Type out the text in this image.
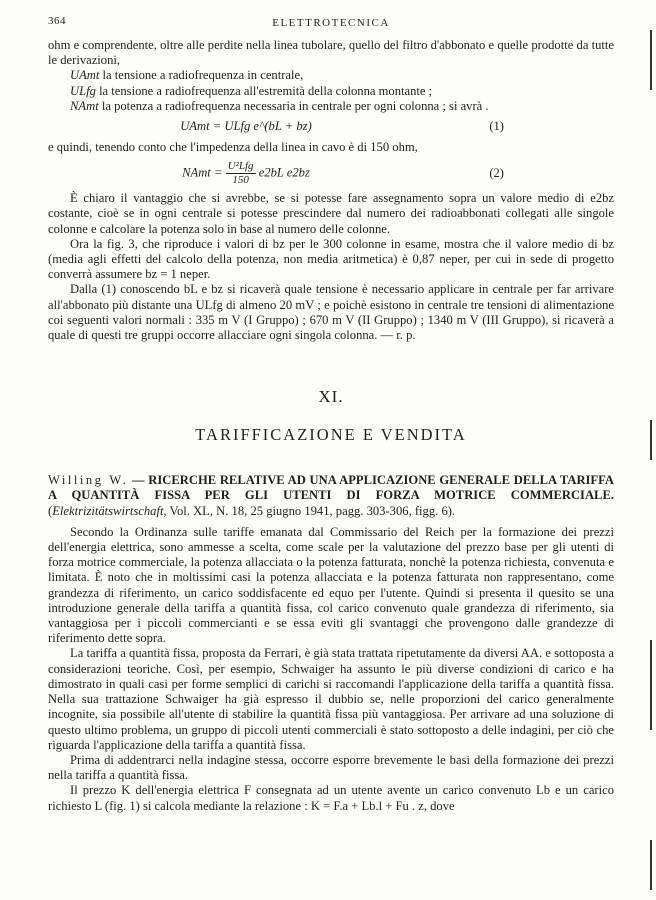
364	ELETTROTECNICA

ohm e comprendente, oltre alle perdite nella linea tubolare, quello del filtro d'abbonato e quelle prodotte da tutte le derivazioni,

UAmt la tensione a radiofrequenza in centrale,

ULfg la tensione a radiofrequenza all'estremità della colonna montante ;

NAmt la potenza a radiofrequenza necessaria in centrale per ogni colonna ; si avrà .

UAmt = ULfg e^(bL + bz)	(1)

e quindi, tenendo conto che l'impedenza della linea in cavo è di 150 ohm,

NAmt = $\frac{\text{U²Lfg}}{150} e2bL$ e2bz	(2)

È chiaro il vantaggio che si avrebbe, se si potesse fare assegnamento sopra un valore medio di e2bz costante, cioè se in ogni centrale si potesse prescindere dal numero dei radioabbonati collegati alle singole colonne e calcolare la potenza solo in base al numero delle colonne.

Ora la fig. 3, che riproduce i valori di bz per le 300 colonne in esame, mostra che il valore medio di bz (media agli effetti del calcolo della potenza, non media aritmetica) è 0,87 neper, per cui in sede di progetto converrà assumere bz = 1 neper.

Dalla (1) conoscendo bL e bz si ricaverà quale tensione è necessario applicare in centrale per far arrivare all'abbonato più distante una ULfg di almeno 20 mV ; e poichè esistono in centrale tre tensioni di alimentazione coi seguenti valori normali : 335 m V (I Gruppo) ; 670 m V (II Gruppo) ; 1340 m V (III Gruppo), si ricaverà a quale di questi tre gruppi occorre allacciare ogni singola colonna. — r. p.

XI.
TARIFFICAZIONE E VENDITA

Willing W. — RICERCHE RELATIVE AD UNA APPLICAZIONE GENERALE DELLA TARIFFA A QUANTITÀ FISSA PER GLI UTENTI DI FORZA MOTRICE COMMERCIALE. (Elektrizitätswirtschaft, Vol. XL, N. 18, 25 giugno 1941, pagg. 303-306, figg. 6).

Secondo la Ordinanza sulle tariffe emanata dal Commissario del Reich per la formazione dei prezzi dell'energia elettrica, sono ammesse a scelta, come scale per la valutazione del prezzo base per gli utenti di forza motrice commerciale, la potenza allacciata o la potenza fatturata, nonchè la potenza richiesta, convenuta e limitata. È noto che in moltissimi casi la potenza allacciata e la potenza fatturata non rappresentano, come grandezza di riferimento, un carico soddisfacente ed equo per l'utente. Quindi si presenta il quesito se una introduzione generale della tariffa a quantità fissa, col carico convenuto quale grandezza di riferimento, sia vantaggiosa per i piccoli commercianti e se essa eviti gli svantaggi che provengono dalle grandezze di riferimento dette sopra.

La tariffa a quantità fissa, proposta da Ferrari, è già stata trattata ripetutamente da diversi AA. e sottoposta a considerazioni teoriche. Così, per esempio, Schwaiger ha assunto le più diverse condizioni di carico e ha dimostrato in quali casi per forme semplici di carichi si raccomandi l'applicazione della tariffa a quantità fissa. Nella sua trattazione Schwaiger ha già espresso il dubbio se, nelle proporzioni del carico generalmente incognite, sia possibile all'utente di stabilire la quantità fissa più vantaggiosa. Per arrivare ad una soluzione di questo ultimo problema, un gruppo di piccoli utenti commerciali è stato sottoposto a delle indagini, per ciò che riguarda l'applicazione della tariffa a quantità fissa.

Prima di addentrarci nella indagine stessa, occorre esporre brevemente le basi della formazione dei prezzi nella tariffa a quantità fissa.

Il prezzo K dell'energia elettrica F consegnata ad un utente avente un carico convenuto Lb e un carico richiesto L (fig. 1) si calcola mediante la relazione : K = F.a + Lb.l + Fu . z, dove
